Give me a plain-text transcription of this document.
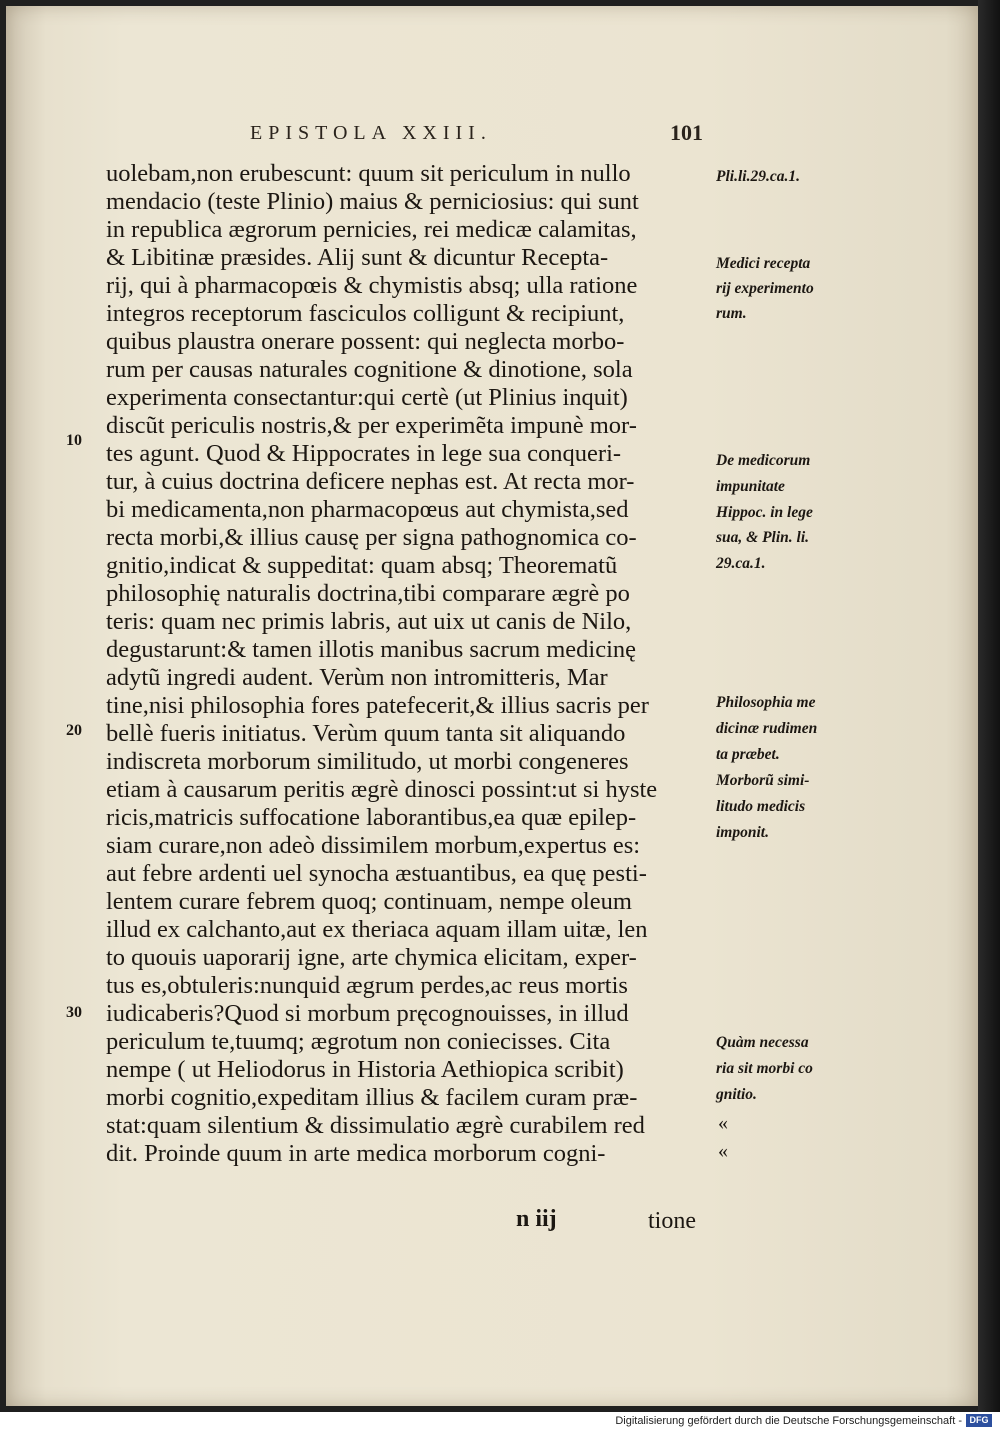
EPISTOLA XXIII.	101
uolebam,non erubescunt: quum sit periculum in nullo
mendacio (teste Plinio) maius & perniciosius: qui sunt
in republica ægrorum pernicies, rei medicæ calamitas,
& Libitinæ præsides. Alij sunt & dicuntur Recepta-
rij, qui à pharmacopœis & chymistis absq; ulla ratione
integros receptorum fasciculos colligunt & recipiunt,
quibus plaustra onerare possent: qui neglecta morbo-
rum per causas naturales cognitione & dinotione, sola
experimenta consectantur:qui certè (ut Plinius inquit)
discũt periculis nostris,& per experimẽta impunè mor-
tes agunt. Quod & Hippocrates in lege sua conqueri-
tur, à cuius doctrina deficere nephas est. At recta mor-
bi medicamenta,non pharmacopœus aut chymista,sed
recta morbi,& illius causę per signa pathognomica co-
gnitio,indicat & suppeditat: quam absq; Theorematũ
philosophię naturalis doctrina,tibi comparare ægrè po
teris: quam nec primis labris, aut uix ut canis de Nilo,
degustarunt:& tamen illotis manibus sacrum medicinę
adytũ ingredi audent. Verùm non intromitteris, Mar
tine,nisi philosophia fores patefecerit,& illius sacris per
bellè fueris initiatus. Verùm quum tanta sit aliquando
indiscreta morborum similitudo, ut morbi congeneres
etiam à causarum peritis ægrè dinosci possint:ut si hyste
ricis,matricis suffocatione laborantibus,ea quæ epilep-
siam curare,non adeò dissimilem morbum,expertus es:
aut febre ardenti uel synocha æstuantibus, ea quę pesti-
lentem curare febrem quoq; continuam, nempe oleum
illud ex calchanto,aut ex theriaca aquam illam uitæ, len
to quouis uaporarij igne, arte chymica elicitam, exper-
tus es,obtuleris:nunquid ægrum perdes,ac reus mortis
iudicaberis?Quod si morbum pręcognouisses, in illud
periculum te,tuumq; ægrotum non coniecisses. Cita
nempe ( ut Heliodorus in Historia Aethiopica scribit)
morbi cognitio,expeditam illius & facilem curam præ-
stat:quam silentium & dissimulatio ægrè curabilem red
dit. Proinde quum in arte medica morborum cogni-
10
20
30
Pli.li.29.ca.1.
Medici recepta
rij experimento
rum.
De medicorum
impunitate
Hippoc. in lege
sua, & Plin. li.
29.ca.1.
Philosophia me
dicinæ rudimen
ta præbet.
Morborũ simi-
litudo medicis
imponit.
Quàm necessa
ria sit morbi co
gnitio.
«
«
n iij	tione
Digitalisierung gefördert durch die Deutsche Forschungsgemeinschaft - DFG
